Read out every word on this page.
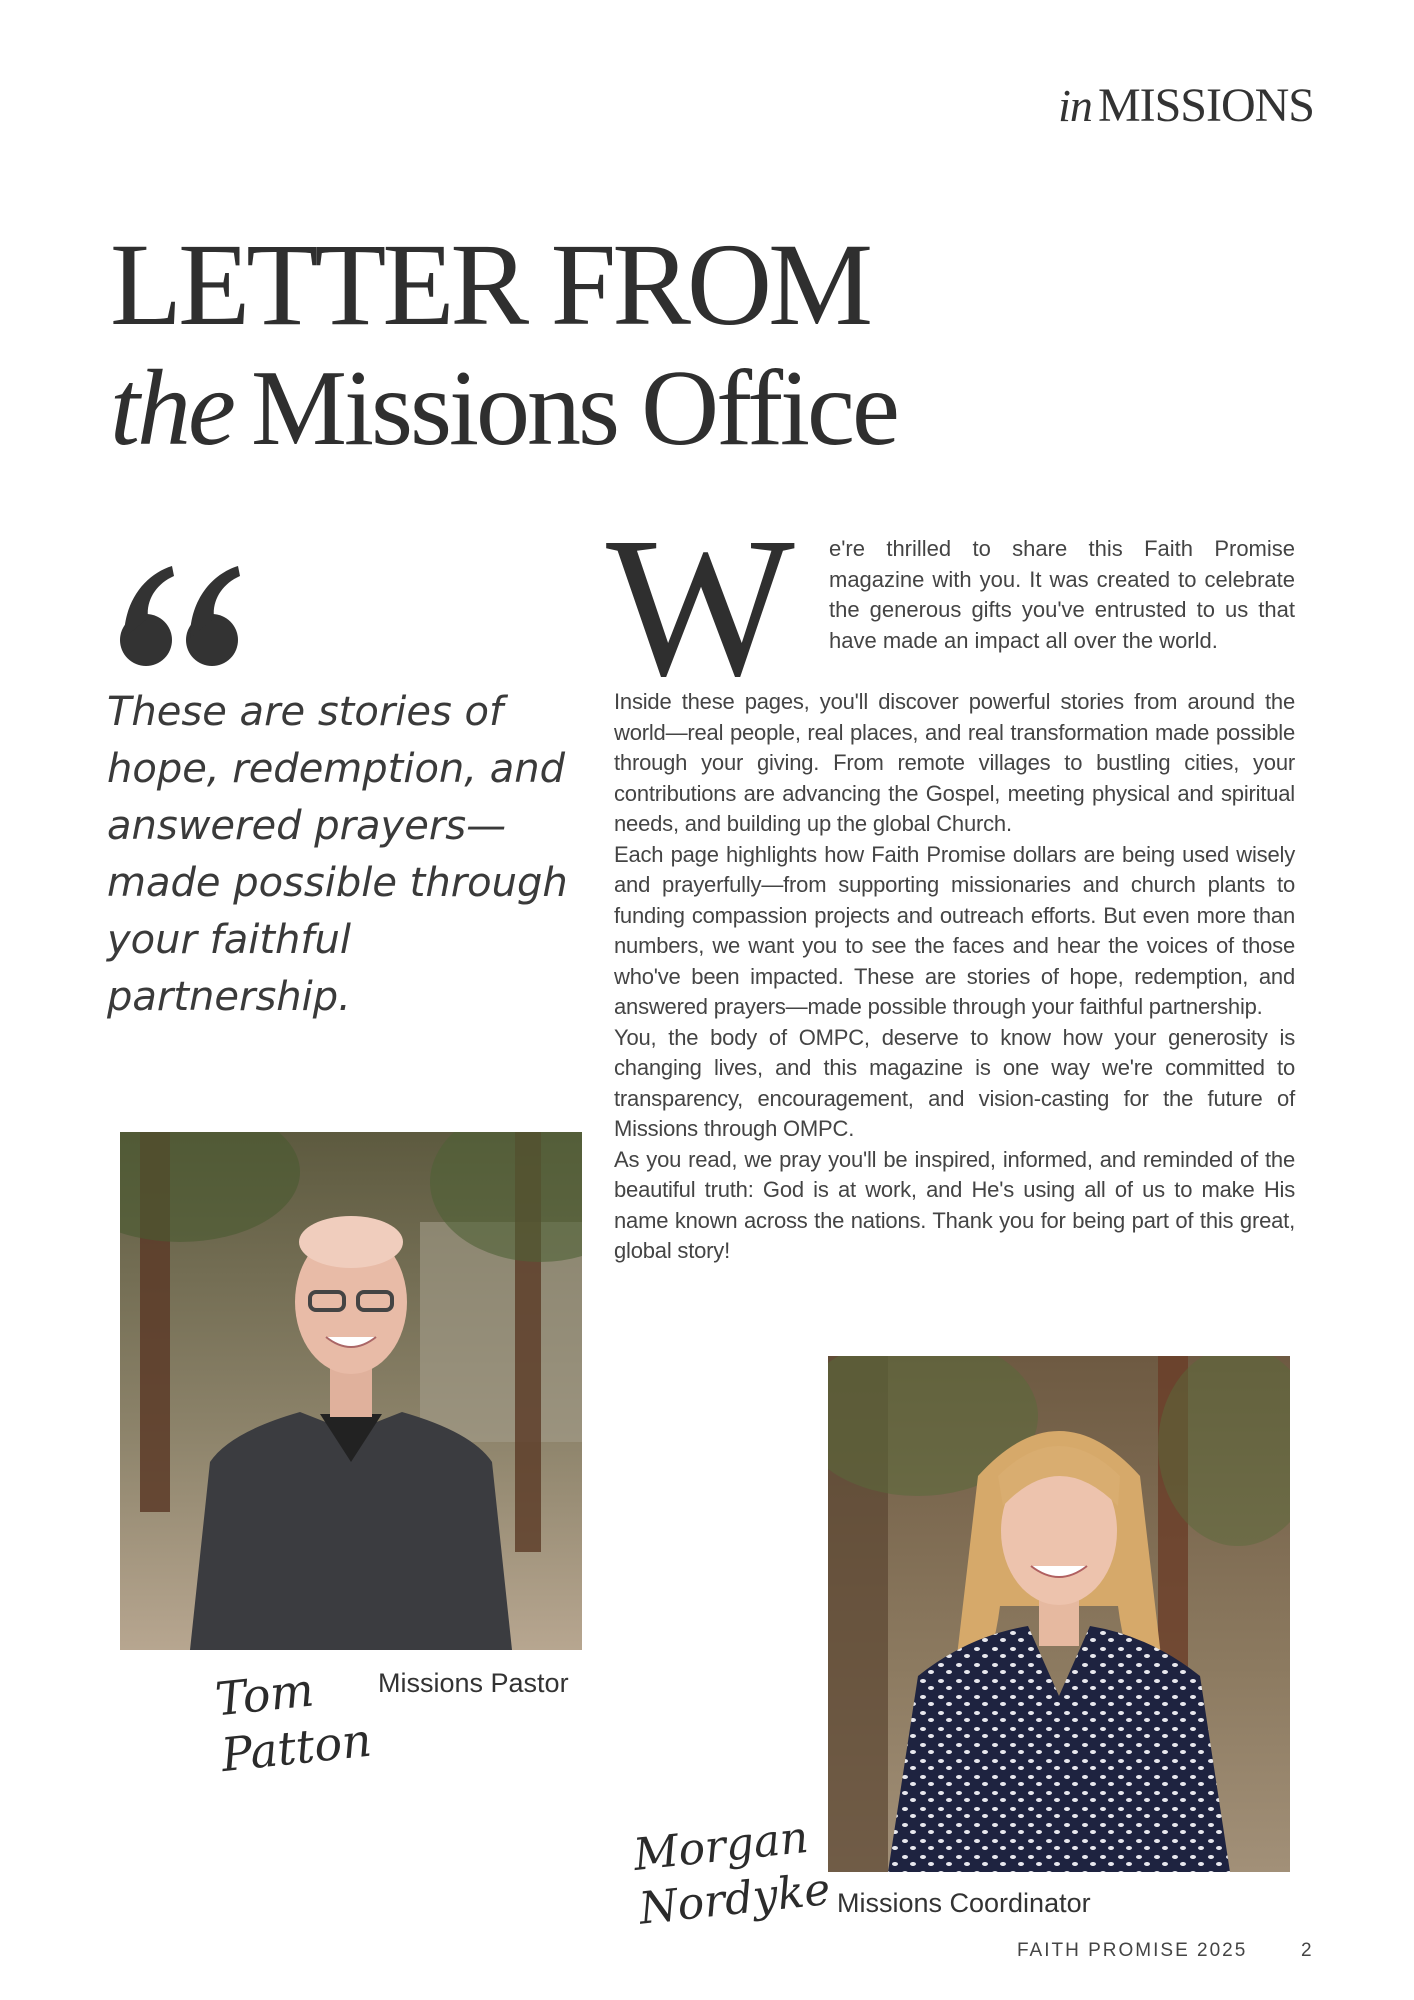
in MISSIONS
LETTER FROM
the Missions Office

These are stories of hope, redemption, and answered prayers—made possible through your faithful partnership.

W e're thrilled to share this Faith Promise magazine with you. It was created to celebrate the generous gifts you've entrusted to us that have made an impact all over the world.

Inside these pages, you'll discover powerful stories from around the world—real people, real places, and real transformation made possible through your giving. From remote villages to bustling cities, your contributions are advancing the Gospel, meeting physical and spiritual needs, and building up the global Church.

Each page highlights how Faith Promise dollars are being used wisely and prayerfully—from supporting missionaries and church plants to funding compassion projects and outreach efforts. But even more than numbers, we want you to see the faces and hear the voices of those who've been impacted. These are stories of hope, redemption, and answered prayers—made possible through your faithful partnership.

You, the body of OMPC, deserve to know how your generosity is changing lives, and this magazine is one way we're committed to transparency, encouragement, and vision-casting for the future of Missions through OMPC.

As you read, we pray you'll be inspired, informed, and reminded of the beautiful truth: God is at work, and He's using all of us to make His name known across the nations. Thank you for being part of this great, global story!

Tom Patton

Missions Pastor

Morgan Nordyke Missions Coordinator

FAITH PROMISE 2025	2
